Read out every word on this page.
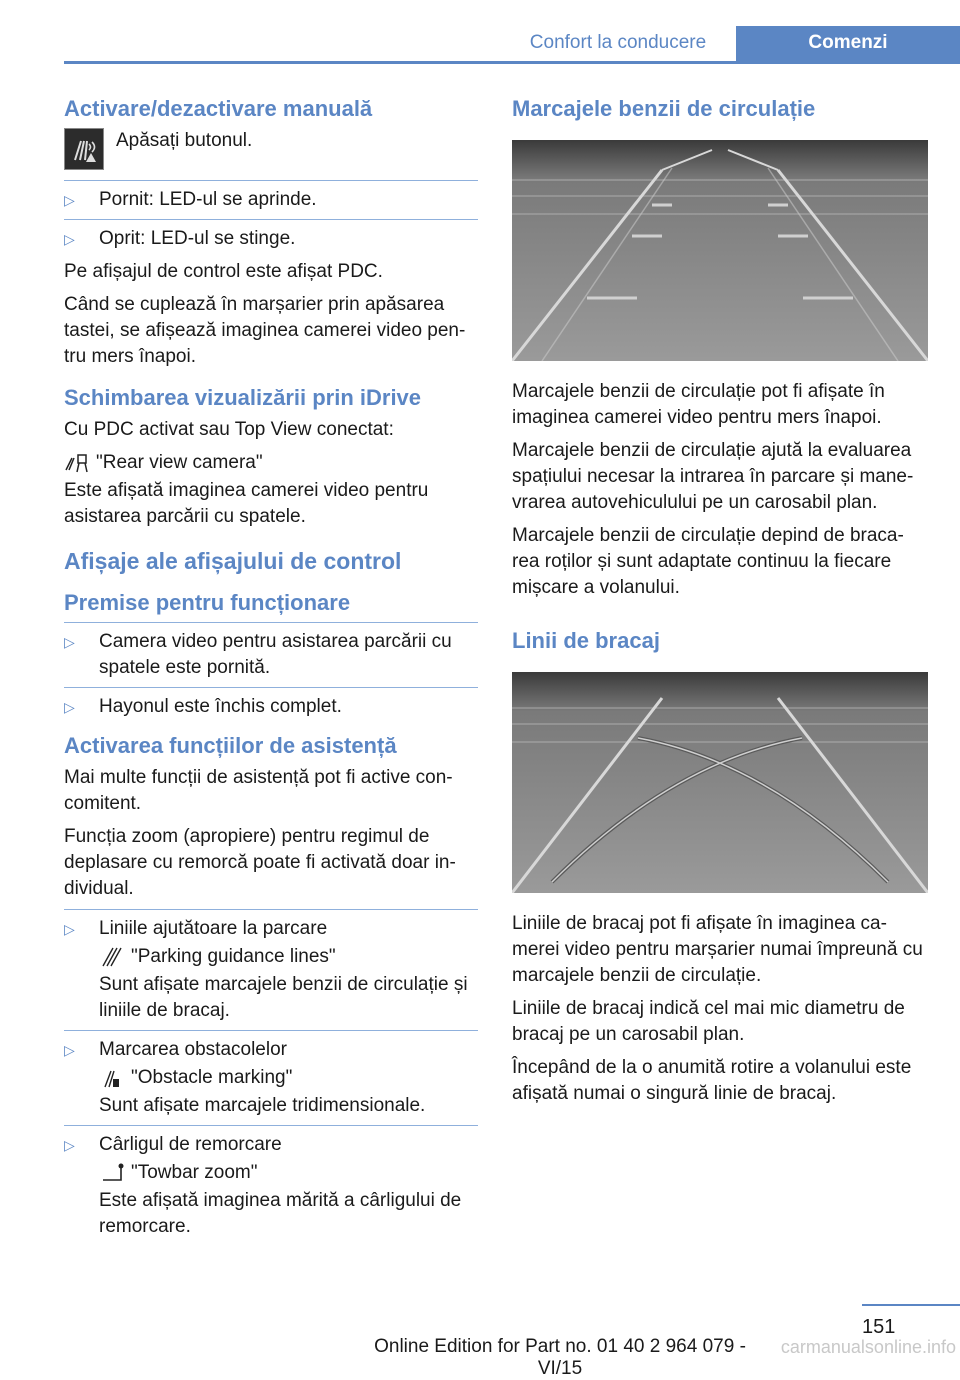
Confort la conducere	Comenzi
Activare/dezactivare manuală

Apăsați butonul.

▷ Pornit: LED-ul se aprinde.
▷ Oprit: LED-ul se stinge.

Pe afișajul de control este afișat PDC.

Când se cuplează în marșarier prin apăsarea tastei, se afișează imaginea camerei video pen- tru mers înapoi.

Schimbarea vizualizării prin iDrive

Cu PDC activat sau Top View conectat:

"Rear view camera"

Este afișată imaginea camerei video pentru asistarea parcării cu spatele.

Afișaje ale afișajului de control
Premise pentru funcționare
▷ Camera video pentru asistarea parcării cu spatele este pornită.
▷ Hayonul este închis complet.
Activarea funcțiilor de asistență

Mai multe funcții de asistență pot fi active con- comitent.

Funcția zoom (apropiere) pentru regimul de deplasare cu remorcă poate fi activată doar in- dividual.

▷ Liniile ajutătoare la parcare
"Parking guidance lines"
Sunt afișate marcajele benzii de circulație și liniile de bracaj.
▷ Marcarea obstacolelor
"Obstacle marking"
Sunt afișate marcajele tridimensionale.
▷ Cârligul de remorcare
"Towbar zoom"
Este afișată imaginea mărită a cârligului de remorcare.
Marcajele benzii de circulație

Marcajele benzii de circulație pot fi afișate în imaginea camerei video pentru mers înapoi.

Marcajele benzii de circulație ajută la evaluarea spațiului necesar la intrarea în parcare și mane- vrarea autovehiculului pe un carosabil plan.

Marcajele benzii de circulație depind de braca- rea roților și sunt adaptate continuu la fiecare mișcare a volanului.

Linii de bracaj

Liniile de bracaj pot fi afișate în imaginea ca- merei video pentru marșarier numai împreună cu marcajele benzii de circulație.

Liniile de bracaj indică cel mai mic diametru de bracaj pe un carosabil plan.

Începând de la o anumită rotire a volanului este afișată numai o singură linie de bracaj.

151
Online Edition for Part no. 01 40 2 964 079 - VI/15
carmanualsonline.info
